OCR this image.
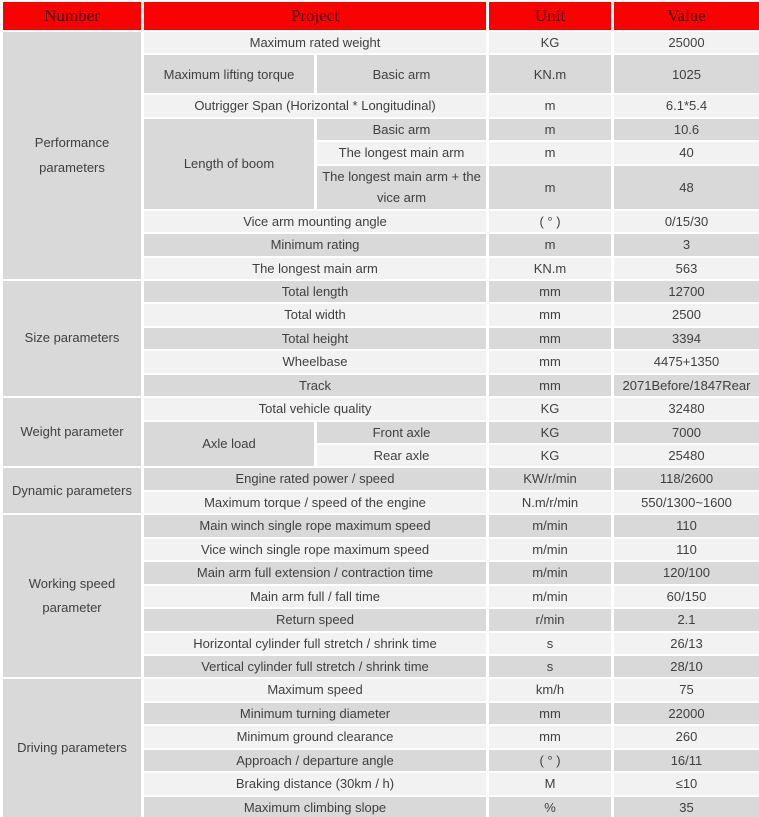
Number	Project		Unit	Value
Performance parameters	Maximum rated weight		KG	25000
	Maximum lifting torque	Basic arm	KN.m	1025
	Outrigger Span (Horizontal * Longitudinal)		m	6.1*5.4
	Length of boom	Basic arm	m	10.6
		The longest main arm	m	40
		The longest main arm + the vice arm	m	48
	Vice arm mounting angle		( ° )	0/15/30
	Minimum rating		m	3
	The longest main arm		KN.m	563
Size parameters	Total length		mm	12700
	Total width		mm	2500
	Total height		mm	3394
	Wheelbase		mm	4475+1350
	Track		mm	2071Before/1847Rear
Weight parameter	Total vehicle quality		KG	32480
	Axle load	Front axle	KG	7000
		Rear axle	KG	25480
Dynamic parameters	Engine rated power / speed		KW/r/min	118/2600
	Maximum torque / speed of the engine		N.m/r/min	550/1300~1600
Working speed parameter	Main winch single rope maximum speed		m/min	110
	Vice winch single rope maximum speed		m/min	110
	Main arm full extension / contraction time		m/min	120/100
	Main arm full / fall time		m/min	60/150
	Return speed		r/min	2.1
	Horizontal cylinder full stretch / shrink time		s	26/13
	Vertical cylinder full stretch / shrink time		s	28/10
Driving parameters	Maximum speed		km/h	75
	Minimum turning diameter		mm	22000
	Minimum ground clearance		mm	260
	Approach / departure angle		( ° )	16/11
	Braking distance (30km / h)		M	≤10
	Maximum climbing slope		%	35
